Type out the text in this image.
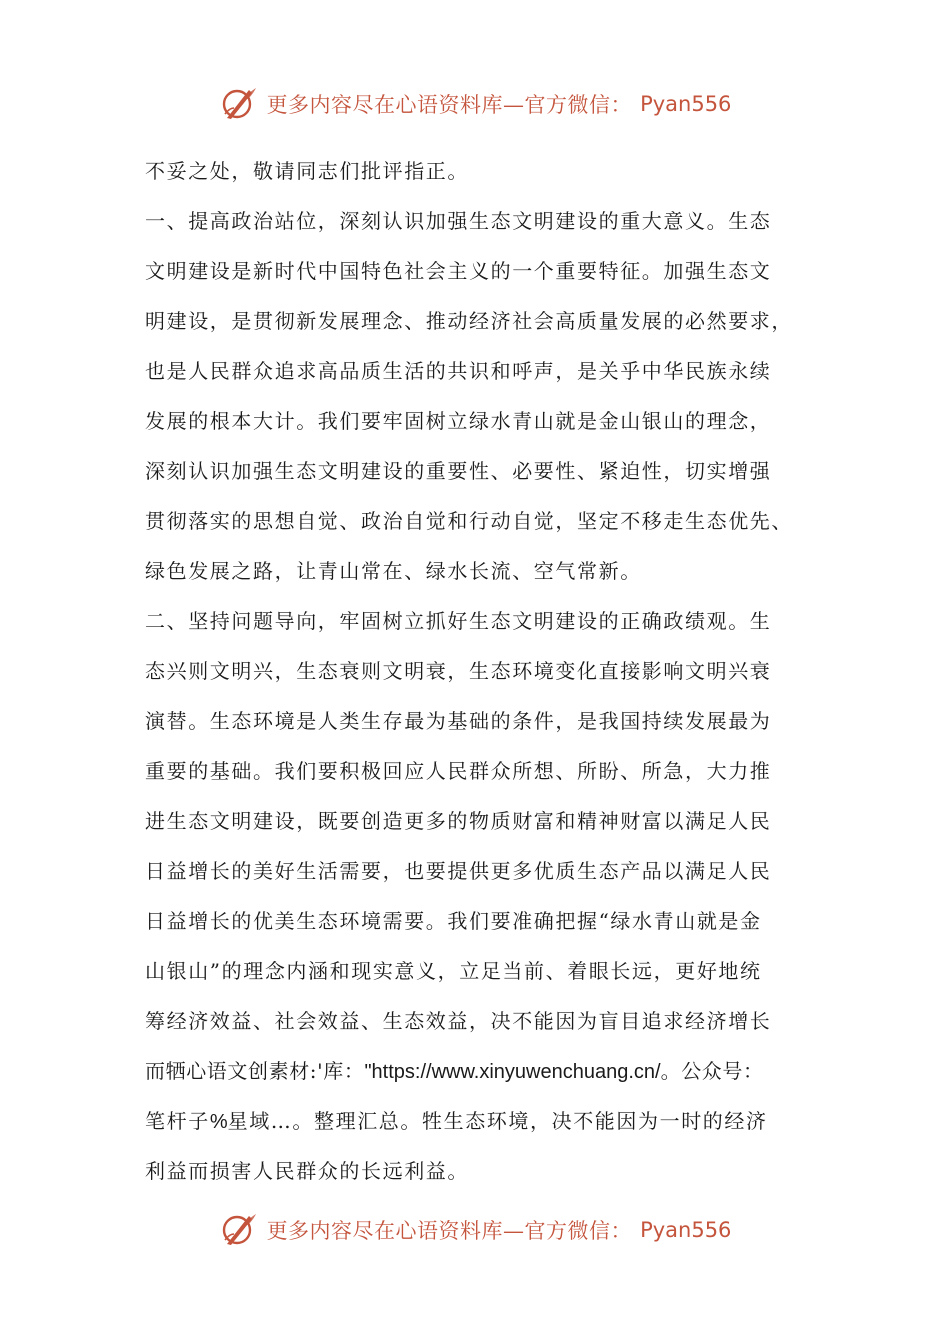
更多内容尽在心语资料库—官方微信： Pyan556
不妥之处，敬请同志们批评指正。
一、提高政治站位，深刻认识加强生态文明建设的重大意义。生态
文明建设是新时代中国特色社会主义的一个重要特征。加强生态文
明建设，是贯彻新发展理念、推动经济社会高质量发展的必然要求，
也是人民群众追求高品质生活的共识和呼声，是关乎中华民族永续
发展的根本大计。我们要牢固树立绿水青山就是金山银山的理念，
深刻认识加强生态文明建设的重要性、必要性、紧迫性，切实增强
贯彻落实的思想自觉、政治自觉和行动自觉，坚定不移走生态优先、
绿色发展之路，让青山常在、绿水长流、空气常新。
二、坚持问题导向，牢固树立抓好生态文明建设的正确政绩观。生
态兴则文明兴，生态衰则文明衰，生态环境变化直接影响文明兴衰
演替。生态环境是人类生存最为基础的条件，是我国持续发展最为
重要的基础。我们要积极回应人民群众所想、所盼、所急，大力推
进生态文明建设，既要创造更多的物质财富和精神财富以满足人民
日益增长的美好生活需要，也要提供更多优质生态产品以满足人民
日益增长的优美生态环境需要。我们要准确把握“绿水青山就是金
山银山”的理念内涵和现实意义，立足当前、着眼长远，更好地统
筹经济效益、社会效益、生态效益，决不能因为盲目追求经济增长
而牺心语文创素材:'库："https://www.xinyuwenchuang.cn/。公众号：
笔杆子%星域…。整理汇总。牲生态环境，决不能因为一时的经济
利益而损害人民群众的长远利益。
更多内容尽在心语资料库—官方微信： Pyan556
